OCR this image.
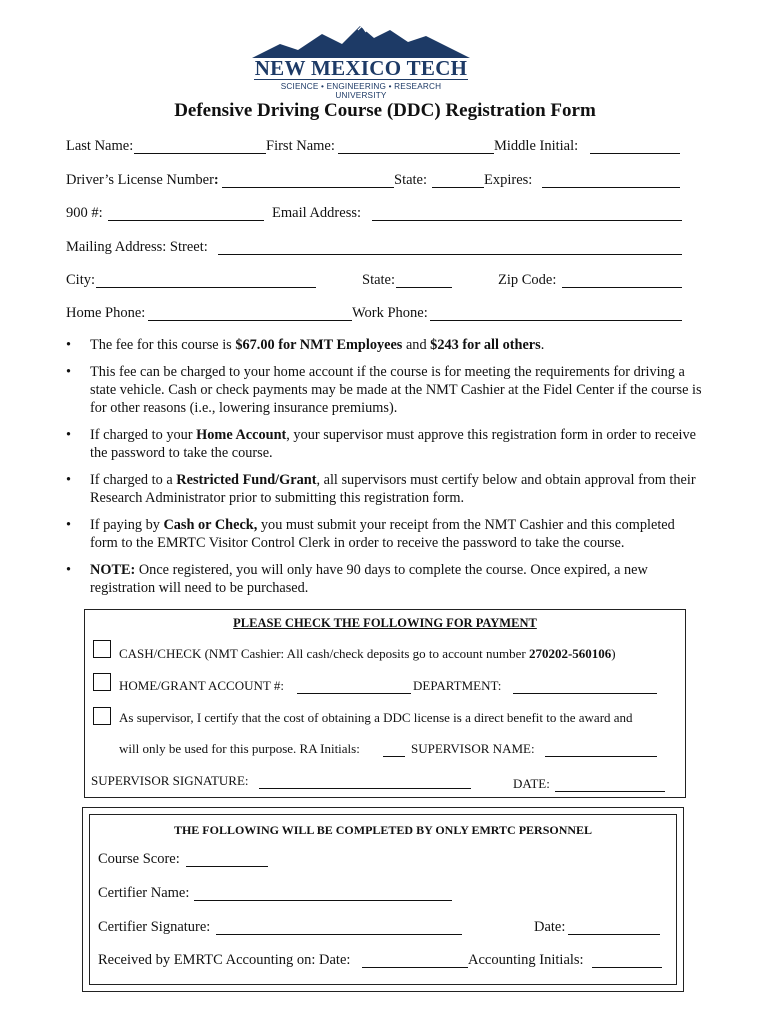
NEW MEXICO TECH
SCIENCE • ENGINEERING • RESEARCH UNIVERSITY
Defensive Driving Course (DDC) Registration Form
Last Name:	First Name:	Middle Initial:
Driver’s License Number:	State:	Expires:
900 #:	Email Address:
Mailing Address: Street:
City:	State:	Zip Code:
Home Phone:	Work Phone:
• The fee for this course is $67.00 for NMT Employees and $243 for all others.
• This fee can be charged to your home account if the course is for meeting the requirements for driving a state vehicle. Cash or check payments may be made at the NMT Cashier at the Fidel Center if the course is for other reasons (i.e., lowering insurance premiums).
• If charged to your Home Account, your supervisor must approve this registration form in order to receive the password to take the course.
• If charged to a Restricted Fund/Grant, all supervisors must certify below and obtain approval from their Research Administrator prior to submitting this registration form.
• If paying by Cash or Check, you must submit your receipt from the NMT Cashier and this completed form to the EMRTC Visitor Control Clerk in order to receive the password to take the course.
• NOTE: Once registered, you will only have 90 days to complete the course. Once expired, a new registration will need to be purchased.
PLEASE CHECK THE FOLLOWING FOR PAYMENT
CASH/CHECK (NMT Cashier: All cash/check deposits go to account number 270202-560106)
HOME/GRANT ACCOUNT #:	DEPARTMENT:
As supervisor, I certify that the cost of obtaining a DDC license is a direct benefit to the award and
will only be used for this purpose. RA Initials:	SUPERVISOR NAME:
SUPERVISOR SIGNATURE:	DATE:
THE FOLLOWING WILL BE COMPLETED BY ONLY EMRTC PERSONNEL
Course Score:
Certifier Name:
Certifier Signature:	Date:
Received by EMRTC Accounting on: Date:	Accounting Initials:
